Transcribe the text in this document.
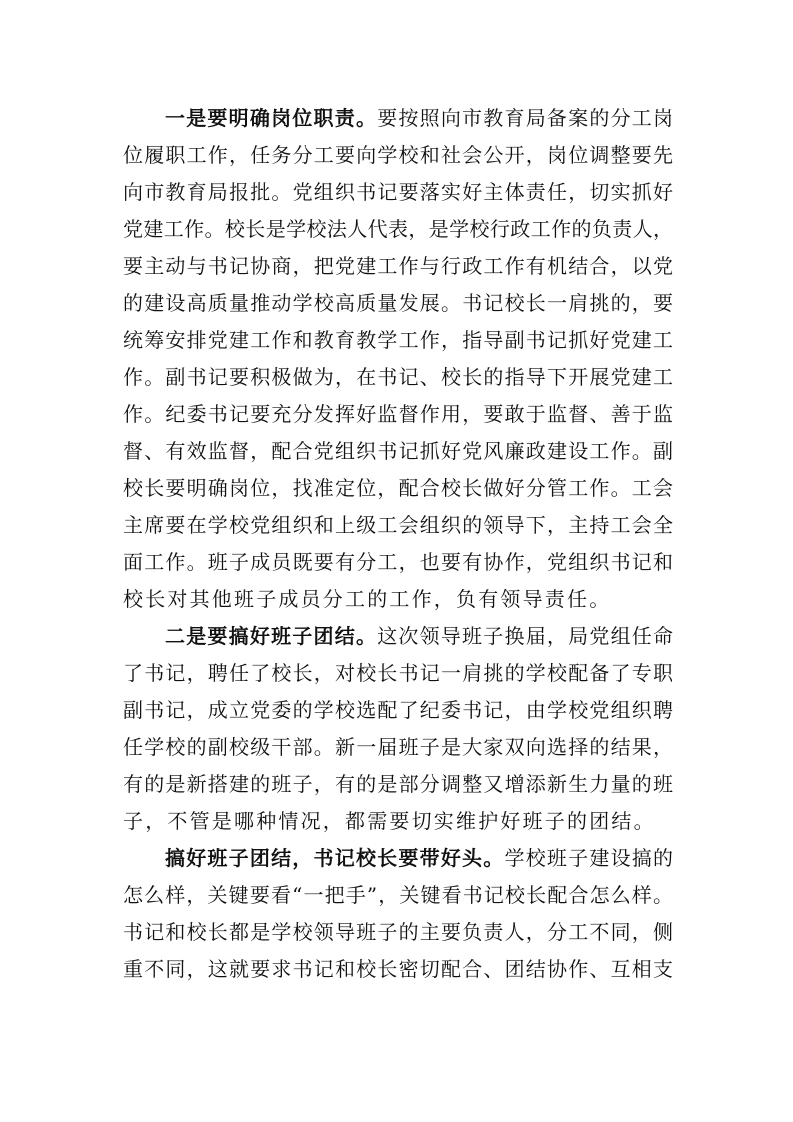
一是要明确岗位职责。要按照向市教育局备案的分工岗
位履职工作，任务分工要向学校和社会公开，岗位调整要先
向市教育局报批。党组织书记要落实好主体责任，切实抓好
党建工作。校长是学校法人代表，是学校行政工作的负责人，
要主动与书记协商，把党建工作与行政工作有机结合，以党
的建设高质量推动学校高质量发展。书记校长一肩挑的，要
统筹安排党建工作和教育教学工作，指导副书记抓好党建工
作。副书记要积极做为，在书记、校长的指导下开展党建工
作。纪委书记要充分发挥好监督作用，要敢于监督、善于监
督、有效监督，配合党组织书记抓好党风廉政建设工作。副
校长要明确岗位，找准定位，配合校长做好分管工作。工会
主席要在学校党组织和上级工会组织的领导下，主持工会全
面工作。班子成员既要有分工，也要有协作，党组织书记和
校长对其他班子成员分工的工作，负有领导责任。
二是要搞好班子团结。这次领导班子换届，局党组任命
了书记，聘任了校长，对校长书记一肩挑的学校配备了专职
副书记，成立党委的学校选配了纪委书记，由学校党组织聘
任学校的副校级干部。新一届班子是大家双向选择的结果，
有的是新搭建的班子，有的是部分调整又增添新生力量的班
子，不管是哪种情况，都需要切实维护好班子的团结。
搞好班子团结，书记校长要带好头。学校班子建设搞的
怎么样，关键要看“一把手”，关键看书记校长配合怎么样。
书记和校长都是学校领导班子的主要负责人，分工不同，侧
重不同，这就要求书记和校长密切配合、团结协作、互相支
